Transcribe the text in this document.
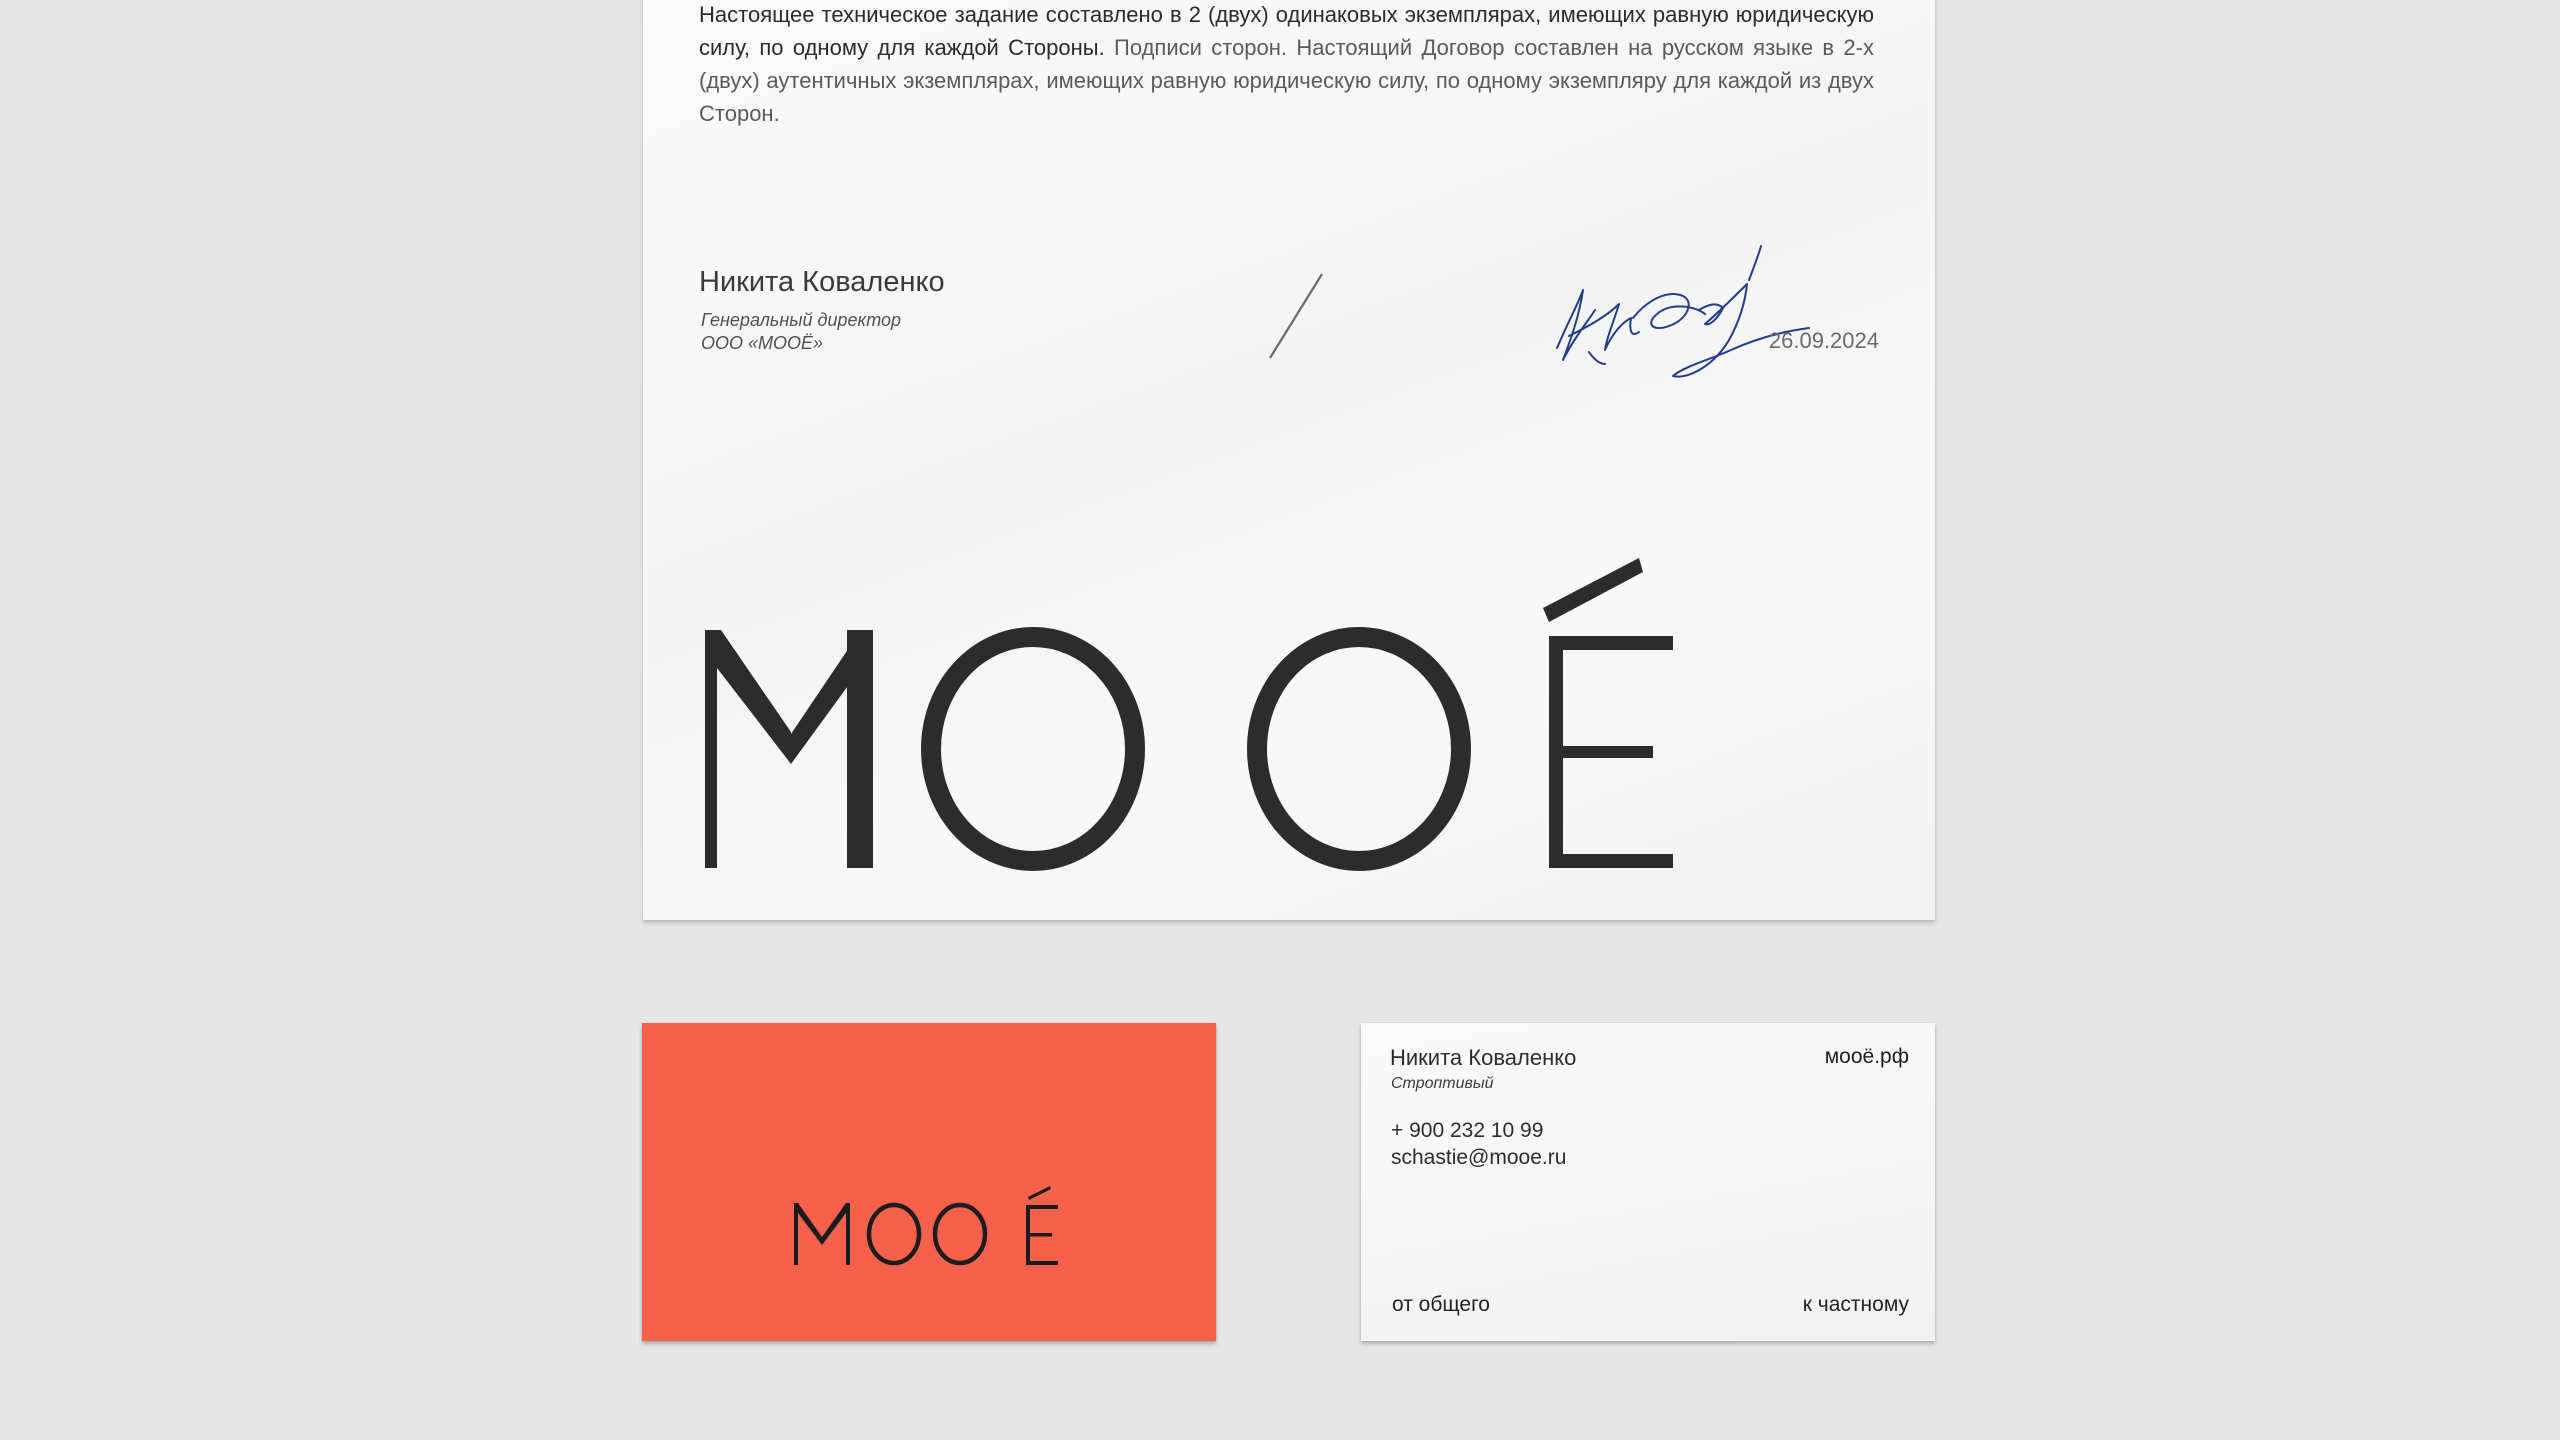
Настоящее техническое задание составлено в 2 (двух) одинаковых экземплярах, имеющих равную юридическую силу, по одному для каждой Стороны. Подписи сторон. Настоящий Договор составлен на русском языке в 2-х (двух) аутентичных экземплярах, имеющих равную юридическую силу, по одному экземпляру для каждой из двух Сторон.

Никита Коваленко
Генеральный директор
ООО «МООЁ»	26.09.2024
Никита Коваленко
Строптивый
моoё.рф
+ 900 232 10 99
schastie@mooe.ru
от общего	к частному
